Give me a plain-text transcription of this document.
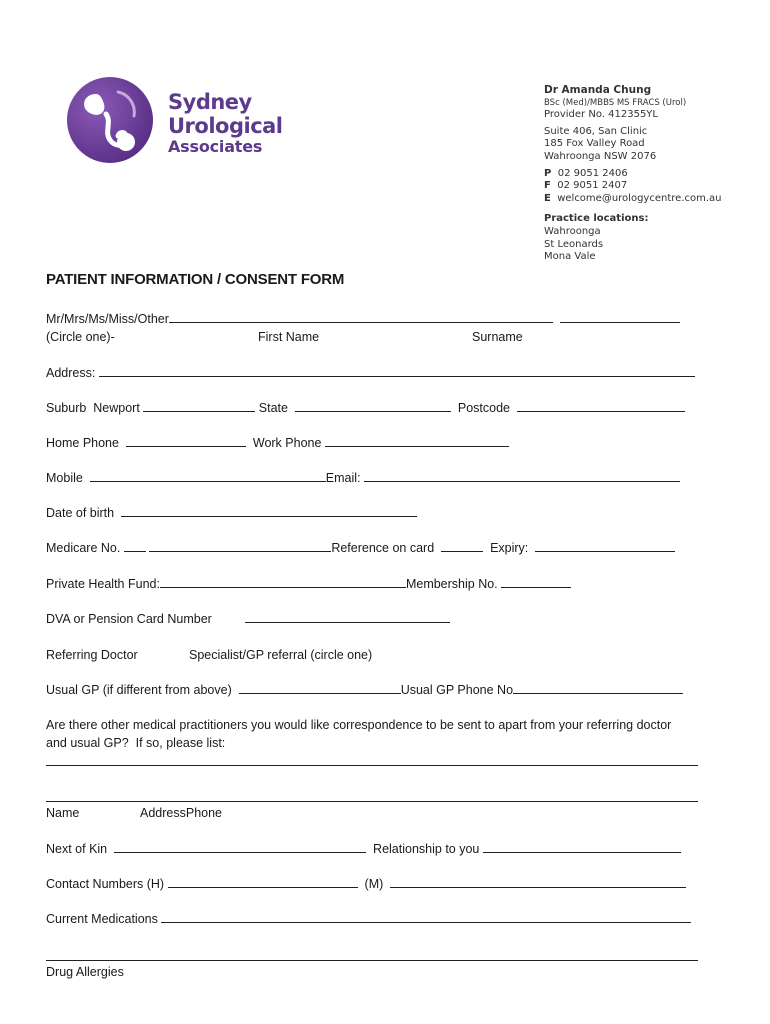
Sydney
Urological
Associates
Dr Amanda Chung
BSc (Med)/MBBS MS FRACS (Urol)
Provider No. 412355YL
Suite 406, San Clinic
185 Fox Valley Road
Wahroonga NSW 2076
P 02 9051 2406
F 02 9051 2407
E welcome@urologycentre.com.au
Practice locations:
Wahroonga
St Leonards
Mona Vale
PATIENT INFORMATION / CONSENT FORM
Mr/Mrs/Ms/Miss/Other
(Circle one)-	First Name	Surname
Address:
Suburb Newport	State	Postcode
Home Phone	Work Phone
Mobile	Email:
Date of birth
Medicare No.	Reference on card	Expiry:
Private Health Fund:	Membership No.
DVA or Pension Card Number
Referring Doctor	Specialist/GP referral (circle one)
Usual GP (if different from above)	Usual GP Phone No
Are there other medical practitioners you would like correspondence to be sent to apart from your referring doctor
and usual GP?  If so, please list:
Name	AddressPhone
Next of Kin	Relationship to you
Contact Numbers (H)	(M)
Current Medications
Drug Allergies
